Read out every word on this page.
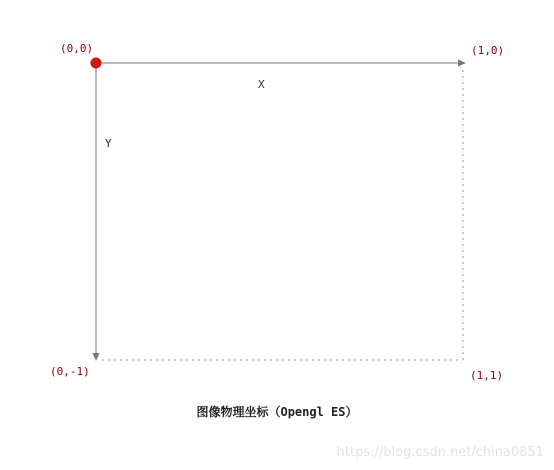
(0,0)	(1,0)
(0,-1)	(1,1)
X
Y
图像物理坐标（Opengl ES）
https://blog.csdn.net/china0851
